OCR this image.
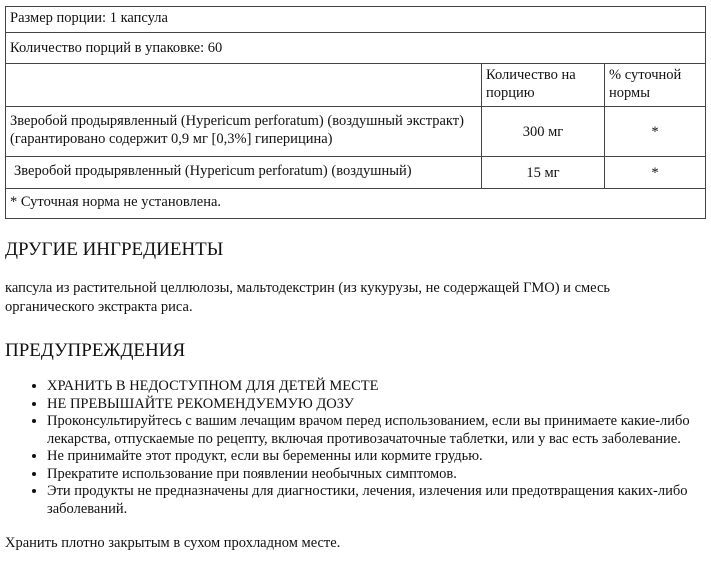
Размер порции: 1 капсула		
Количество порций в упаковке: 60		
	Количество на порцию	% суточной нормы
Зверобой продырявленный (Hypericum perforatum) (воздушный экстракт) (гарантировано содержит 0,9 мг [0,3%] гиперицина)	300 мг	*
Зверобой продырявленный (Hypericum perforatum) (воздушный)	15 мг	*
* Суточная норма не установлена.		
ДРУГИЕ ИНГРЕДИЕНТЫ

капсула из растительной целлюлозы, мальтодекстрин (из кукурузы, не содержащей ГМО) и смесь органического экстракта риса.

ПРЕДУПРЕЖДЕНИЯ
• ХРАНИТЬ В НЕДОСТУПНОМ ДЛЯ ДЕТЕЙ МЕСТЕ
• НЕ ПРЕВЫШАЙТЕ РЕКОМЕНДУЕМУЮ ДОЗУ
• Проконсультируйтесь с вашим лечащим врачом перед использованием, если вы принимаете какие-либо лекарства, отпускаемые по рецепту, включая противозачаточные таблетки, или у вас есть заболевание.
• Не принимайте этот продукт, если вы беременны или кормите грудью.
• Прекратите использование при появлении необычных симптомов.
• Эти продукты не предназначены для диагностики, лечения, излечения или предотвращения каких-либо заболеваний.

Хранить плотно закрытым в сухом прохладном месте.
